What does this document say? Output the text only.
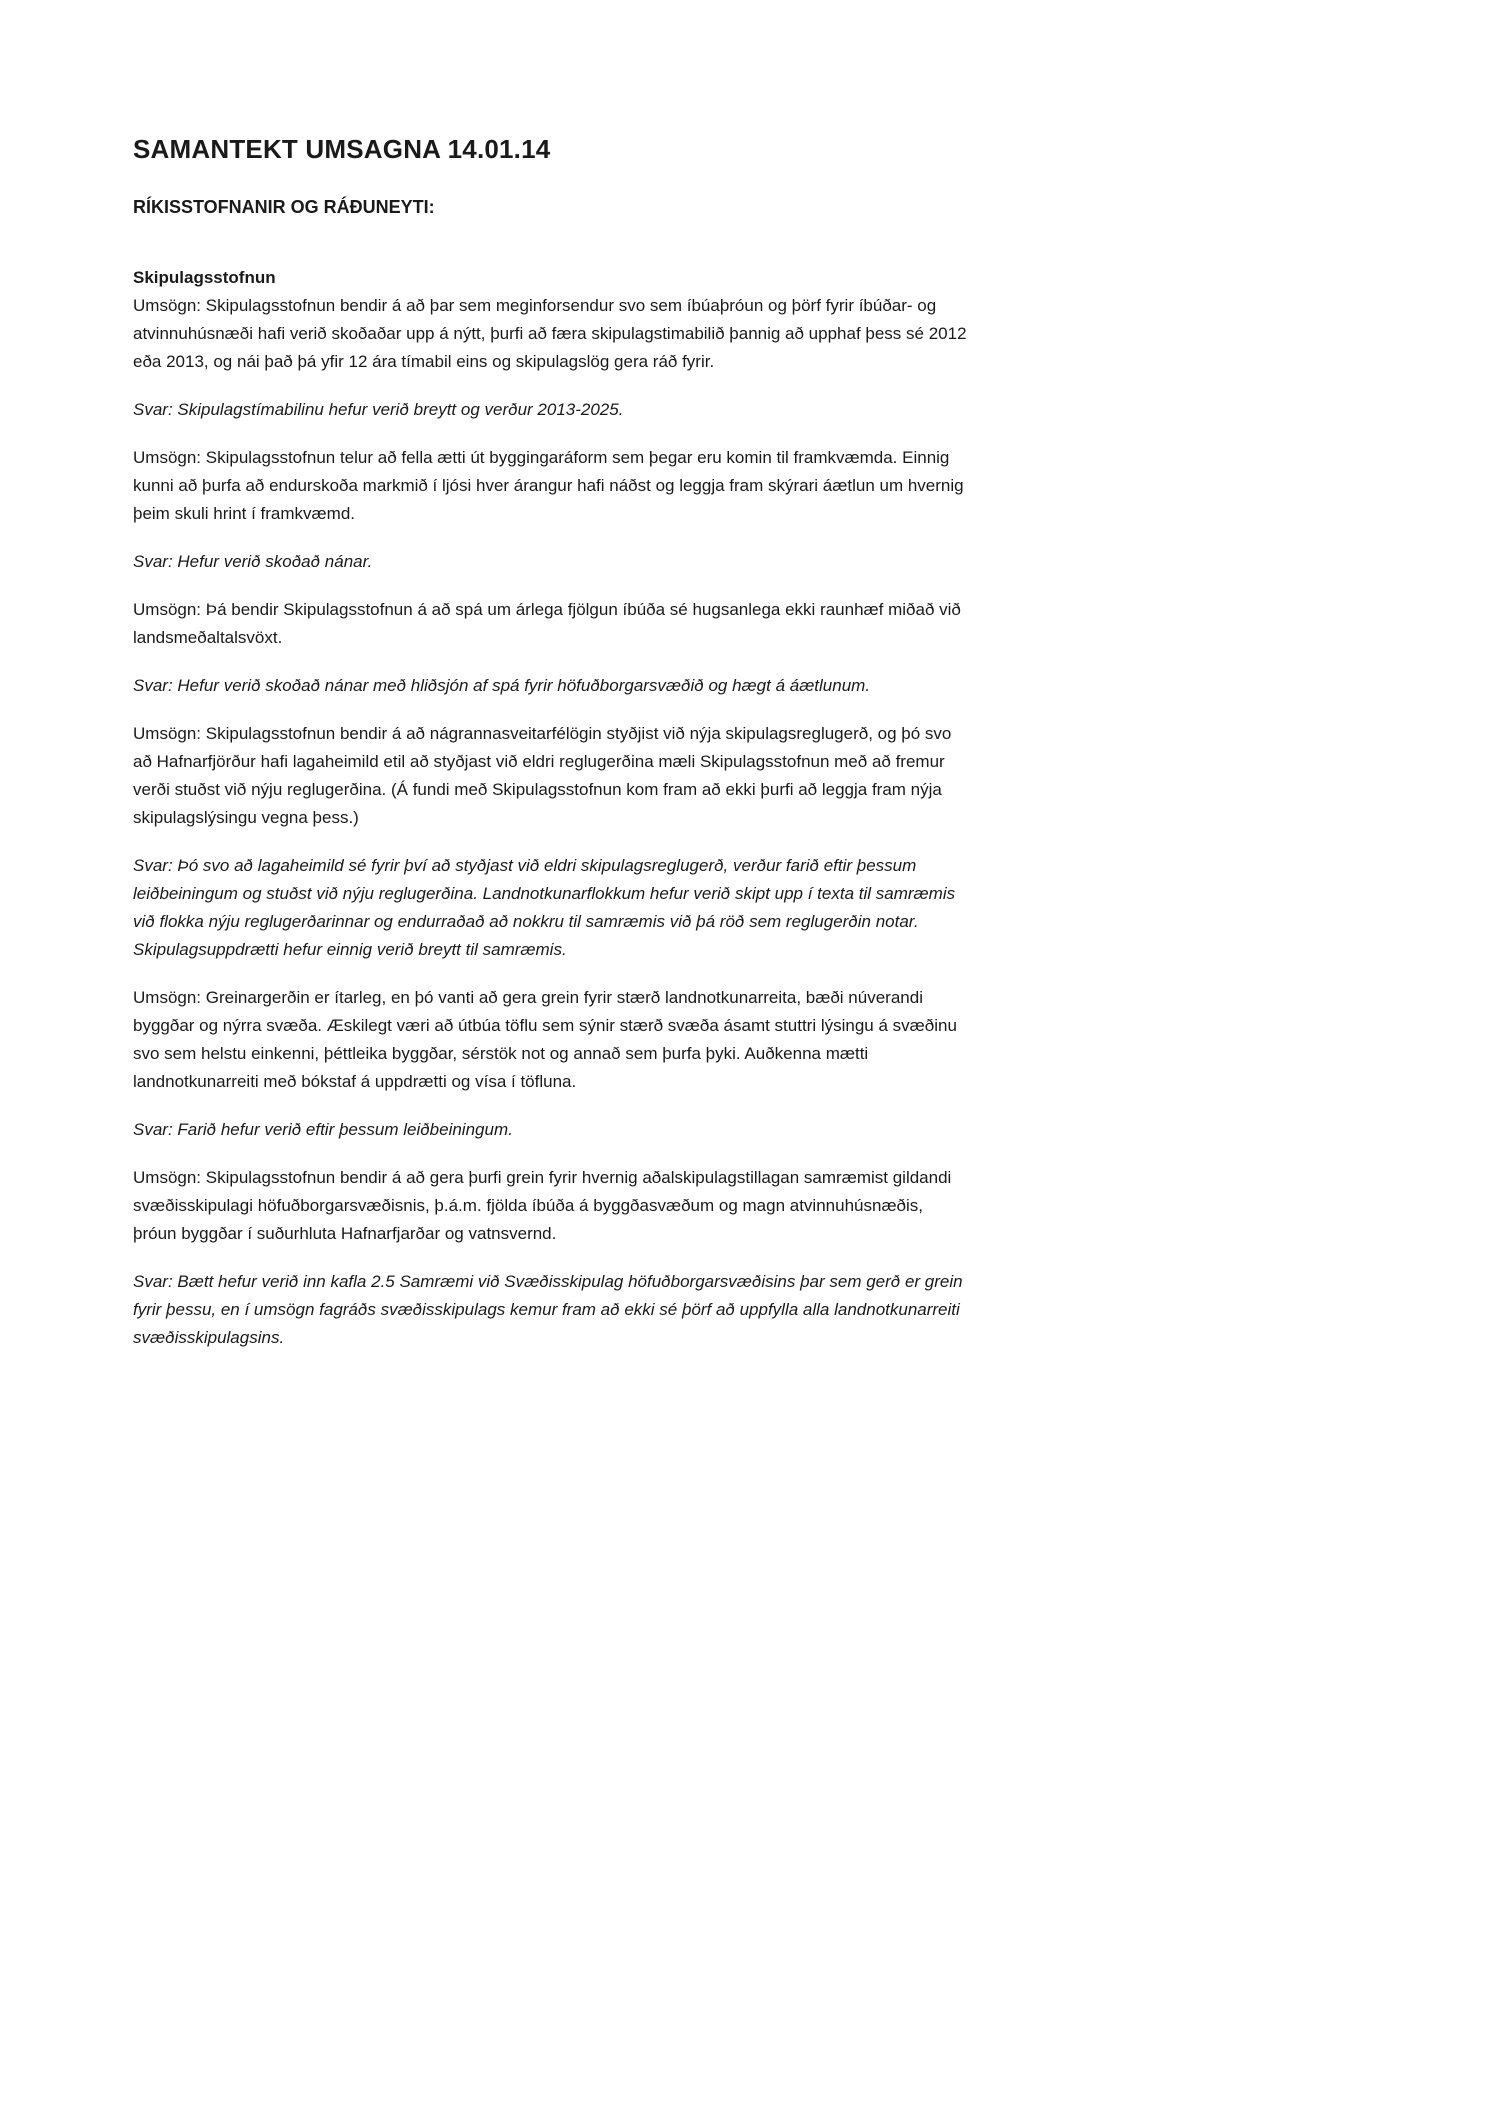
SAMANTEKT UMSAGNA 14.01.14
RÍKISSTOFNANIR OG RÁÐUNEYTI:
Skipulagsstofnun

Umsögn: Skipulagsstofnun bendir á að þar sem meginforsendur svo sem íbúaþróun og þörf fyrir íbúðar- og atvinnuhúsnæði hafi verið skoðaðar upp á nýtt, þurfi að færa skipulagstimabilið þannig að upphaf þess sé 2012 eða 2013, og nái það þá yfir 12 ára tímabil eins og skipulagslög gera ráð fyrir.

Svar: Skipulagstímabilinu hefur verið breytt og verður 2013-2025.

Umsögn: Skipulagsstofnun telur að fella ætti út byggingaráform sem þegar eru komin til framkvæmda. Einnig kunni að þurfa að endurskoða markmið í ljósi hver árangur hafi náðst og leggja fram skýrari áætlun um hvernig þeim skuli hrint í framkvæmd.

Svar: Hefur verið skoðað nánar.

Umsögn: Þá bendir Skipulagsstofnun á að spá um árlega fjölgun íbúða sé hugsanlega ekki raunhæf miðað við landsmeðaltalsvöxt.

Svar: Hefur verið skoðað nánar með hliðsjón af spá fyrir höfuðborgarsvæðið og hægt á áætlunum.

Umsögn: Skipulagsstofnun bendir á að nágrannasveitarfélögin styðjist við nýja skipulagsreglugerð, og þó svo að Hafnarfjörður hafi lagaheimild etil að styðjast við eldri reglugerðina mæli Skipulagsstofnun með að fremur verði stuðst við nýju reglugerðina. (Á fundi með Skipulagsstofnun kom fram að ekki þurfi að leggja fram nýja skipulagslýsingu vegna þess.)

Svar: Þó svo að lagaheimild sé fyrir því að styðjast við eldri skipulagsreglugerð, verður farið eftir þessum leiðbeiningum og stuðst við nýju reglugerðina. Landnotkunarflokkum hefur verið skipt upp í texta til samræmis við flokka nýju reglugerðarinnar og endurraðað að nokkru til samræmis við þá röð sem reglugerðin notar. Skipulagsuppdrætti hefur einnig verið breytt til samræmis.

Umsögn: Greinargerðin er ítarleg, en þó vanti að gera grein fyrir stærð landnotkunarreita, bæði núverandi byggðar og nýrra svæða. Æskilegt væri að útbúa töflu sem sýnir stærð svæða ásamt stuttri lýsingu á svæðinu svo sem helstu einkenni, þéttleika byggðar, sérstök not og annað sem þurfa þyki. Auðkenna mætti landnotkunarreiti með bókstaf á uppdrætti og vísa í töfluna.

Svar: Farið hefur verið eftir þessum leiðbeiningum.

Umsögn: Skipulagsstofnun bendir á að gera þurfi grein fyrir hvernig aðalskipulagstillagan samræmist gildandi svæðisskipulagi höfuðborgarsvæðisnis, þ.á.m. fjölda íbúða á byggðasvæðum og magn atvinnuhúsnæðis, þróun byggðar í suðurhluta Hafnarfjarðar og vatnsvernd.

Svar: Bætt hefur verið inn kafla 2.5 Samræmi við Svæðisskipulag höfuðborgarsvæðisins þar sem gerð er grein fyrir þessu, en í umsögn fagráðs svæðisskipulags kemur fram að ekki sé þörf að uppfylla alla landnotkunarreiti svæðisskipulagsins.
